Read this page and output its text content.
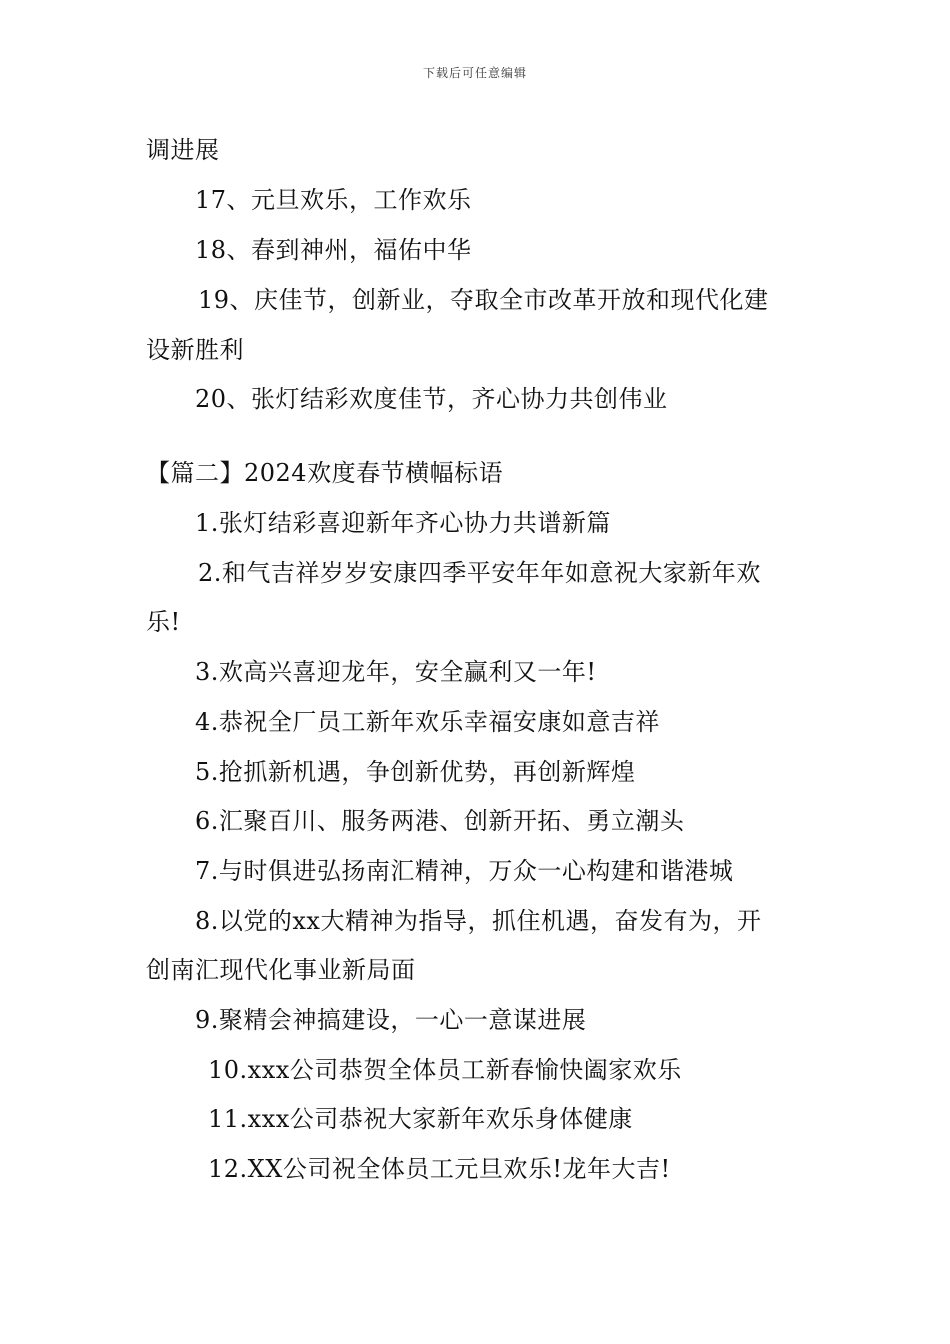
下载后可任意编辑
调进展
17、元旦欢乐，工作欢乐
18、春到神州，福佑中华
19、庆佳节，创新业，夺取全市改革开放和现代化建
设新胜利
20、张灯结彩欢度佳节，齐心协力共创伟业
【篇二】2024欢度春节横幅标语
1.张灯结彩喜迎新年齐心协力共谱新篇
2.和气吉祥岁岁安康四季平安年年如意祝大家新年欢
乐!
3.欢高兴喜迎龙年，安全赢利又一年!
4.恭祝全厂员工新年欢乐幸福安康如意吉祥
5.抢抓新机遇，争创新优势，再创新辉煌
6.汇聚百川、服务两港、创新开拓、勇立潮头
7.与时俱进弘扬南汇精神，万众一心构建和谐港城
8.以党的xx大精神为指导，抓住机遇，奋发有为，开
创南汇现代化事业新局面
9.聚精会神搞建设，一心一意谋进展
10.xxx公司恭贺全体员工新春愉快阖家欢乐
11.xxx公司恭祝大家新年欢乐身体健康
12.XX公司祝全体员工元旦欢乐!龙年大吉!
